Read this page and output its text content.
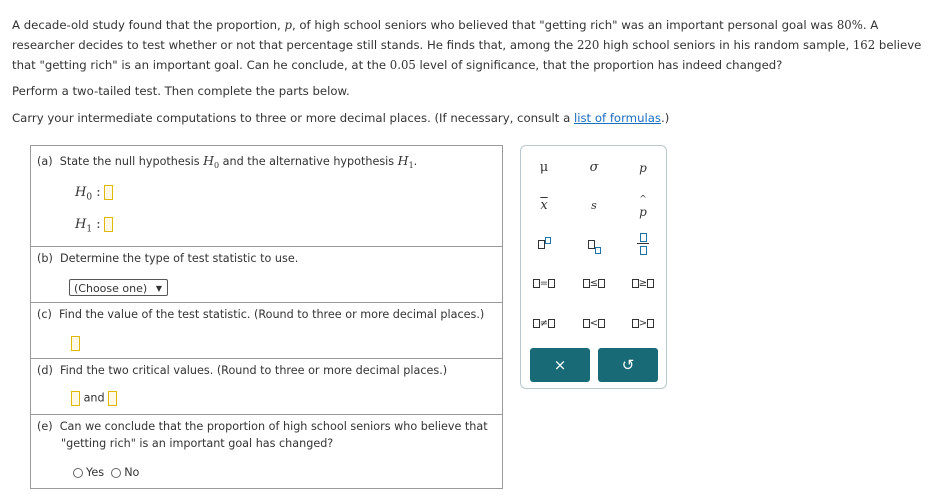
A decade-old study found that the proportion, p, of high school seniors who believed that "getting rich" was an important personal goal was 80%. A researcher decides to test whether or not that percentage still stands. He finds that, among the 220 high school seniors in his random sample, 162 believe that "getting rich" is an important goal. Can he conclude, at the 0.05 level of significance, that the proportion has indeed changed?
Perform a two-tailed test. Then complete the parts below.
Carry your intermediate computations to three or more decimal places. (If necessary, consult a list of formulas.)
(a) State the null hypothesis $H_0$ and the alternative hypothesis $H_1$.
$H_0$ :
$H_1$ :
(b) Determine the type of test statistic to use.
(Choose one) ▼
(c) Find the value of the test statistic. (Round to three or more decimal places.)
(d) Find the two critical values. (Round to three or more decimal places.)
and
(e) Can we conclude that the proportion of high school seniors who believe that
"getting rich" is an important goal has changed?
Yes No
μ	σ	p
$\overline{x}$	s	^
p
=	≤	≥
≠	<	>
×	↺
